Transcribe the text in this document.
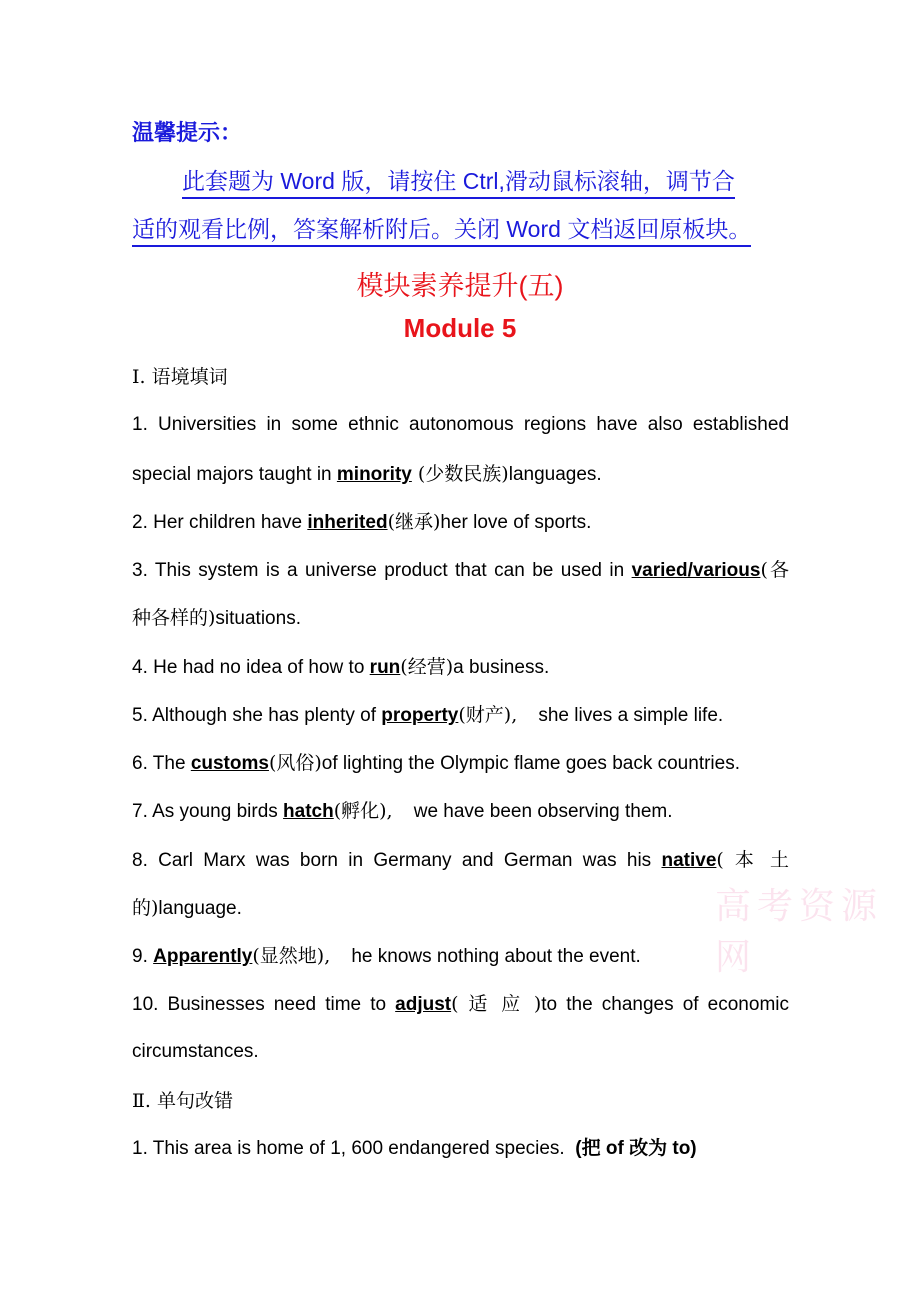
温馨提示：
此套题为 Word 版，请按住 Ctrl,滑动鼠标滚轴，调节合
适的观看比例，答案解析附后。关闭 Word 文档返回原板块。
模块素养提升(五)
Module 5
Ⅰ. 语境填词
1. Universities in some ethnic autonomous regions have also established
special majors taught in minority (少数民族)languages.
2. Her children have inherited(继承)her love of sports.
3. This system is a universe product that can be used in varied/various(各
种各样的)situations.
4. He had no idea of how to run(经营)a business.
5. Although she has plenty of property(财产),    she lives a simple life.
6. The customs(风俗)of lighting the Olympic flame goes back countries.
7. As young birds hatch(孵化),    we have been observing them.
8. Carl Marx was born in Germany and German was his native( 本 土
的)language.
9. Apparently(显然地),    he knows nothing about the event.
10. Businesses need time to adjust( 适 应 )to the changes of economic
circumstances.
Ⅱ. 单句改错
1. This area is home of 1, 600 endangered species.  (把 of 改为 to)
高考资源网
